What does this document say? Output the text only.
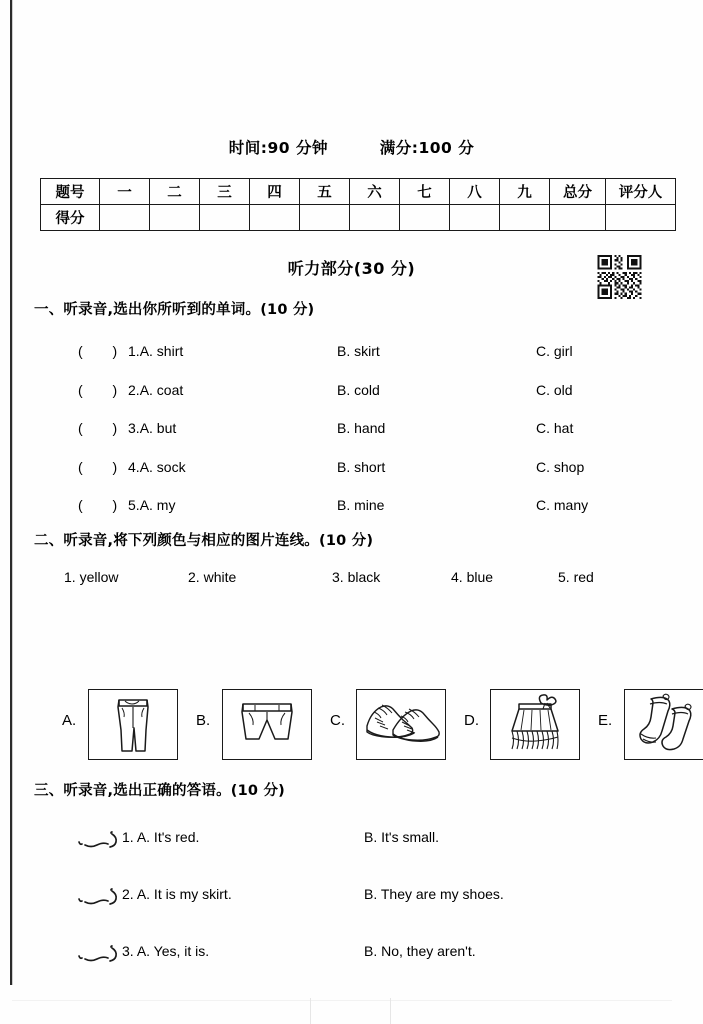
时间:90 分钟	满分:100 分
题号	一	二	三	四	五	六	七	八	九	总分	评分人
得分											
听力部分(30 分)
一、听录音,选出你所听到的单词。(10 分)
( )
1.A. shirt	B. skirt	C. girl
( )
2.A. coat	B. cold	C. old
( )
3.A. but	B. hand	C. hat
( )
4.A. sock	B. short	C. shop
( )
5.A. my	B. mine	C. many
二、听录音,将下列颜色与相应的图片连线。(10 分)
1. yellow	2. white	3. black	4. blue	5. red
A.	B.	C.	D.	E.
三、听录音,选出正确的答语。(10 分)
1. A. It's red.	B. It's small.
2. A. It is my skirt.	B. They are my shoes.
3. A. Yes, it is.	B. No, they aren't.
